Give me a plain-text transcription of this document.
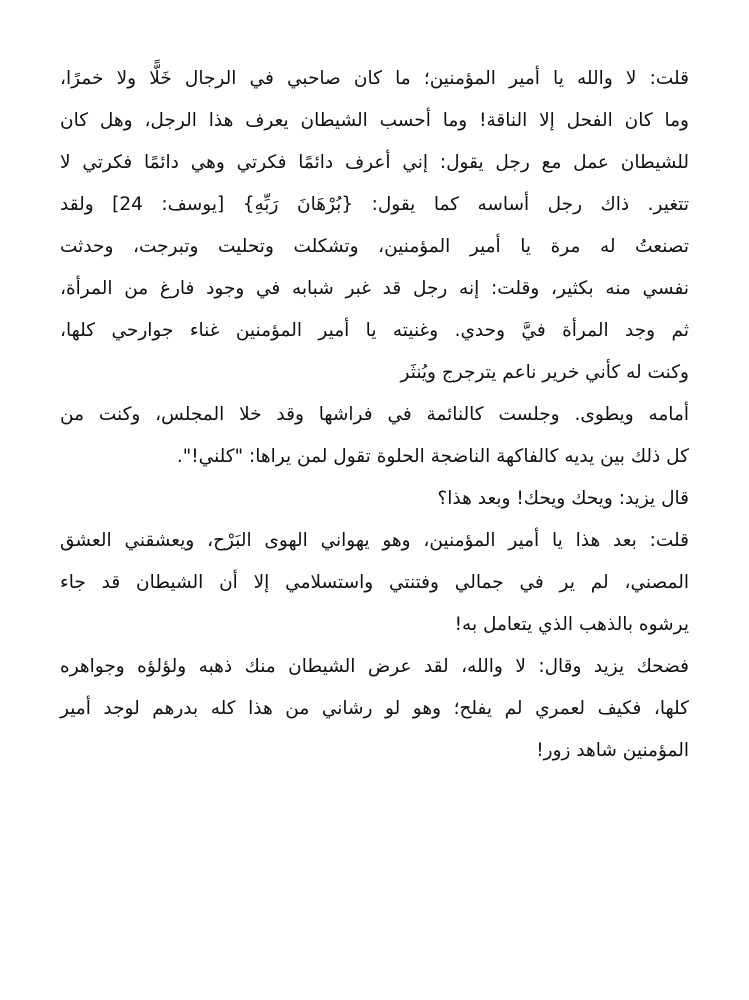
قلت: لا والله يا أمير المؤمنين؛ ما كان صاحبي في الرجال خَلًّا ولا خمرًا،
وما كان الفحل إلا الناقة! وما أحسب الشيطان يعرف هذا الرجل، وهل كان
للشيطان عمل مع رجل يقول: إني أعرف دائمًا فكرتي وهي دائمًا فكرتي لا
تتغير. ذاك رجل أساسه كما يقول: {بُرْهَانَ رَبِّهِ} [يوسف: 24] ولقد
تصنعتُ له مرة يا أمير المؤمنين، وتشكلت وتحليت وتبرجت، وحدثت
نفسي منه بكثير، وقلت: إنه رجل قد غبر شبابه في وجود فارغ من المرأة،
ثم وجد المرأة فيَّ وحدي. وغنيته يا أمير المؤمنين غناء جوارحي كلها،
وكنت له كأني خرير ناعم يترجرج ويُنثَر
أمامه ويطوى. وجلست كالنائمة في فراشها وقد خلا المجلس، وكنت من
كل ذلك بين يديه كالفاكهة الناضجة الحلوة تقول لمن يراها: "كلني!".
قال يزيد: ويحك ويحك! وبعد هذا؟
قلت: بعد هذا يا أمير المؤمنين، وهو يهواني الهوى البَرْح، ويعشقني العشق
المصني، لم ير في جمالي وفتنتي واستسلامي إلا أن الشيطان قد جاء
يرشوه بالذهب الذي يتعامل به!
فضحك يزيد وقال: لا والله، لقد عرض الشيطان منك ذهبه ولؤلؤه وجواهره
كلها، فكيف لعمري لم يفلح؛ وهو لو رشاني من هذا كله بدرهم لوجد أمير
المؤمنين شاهد زور!
